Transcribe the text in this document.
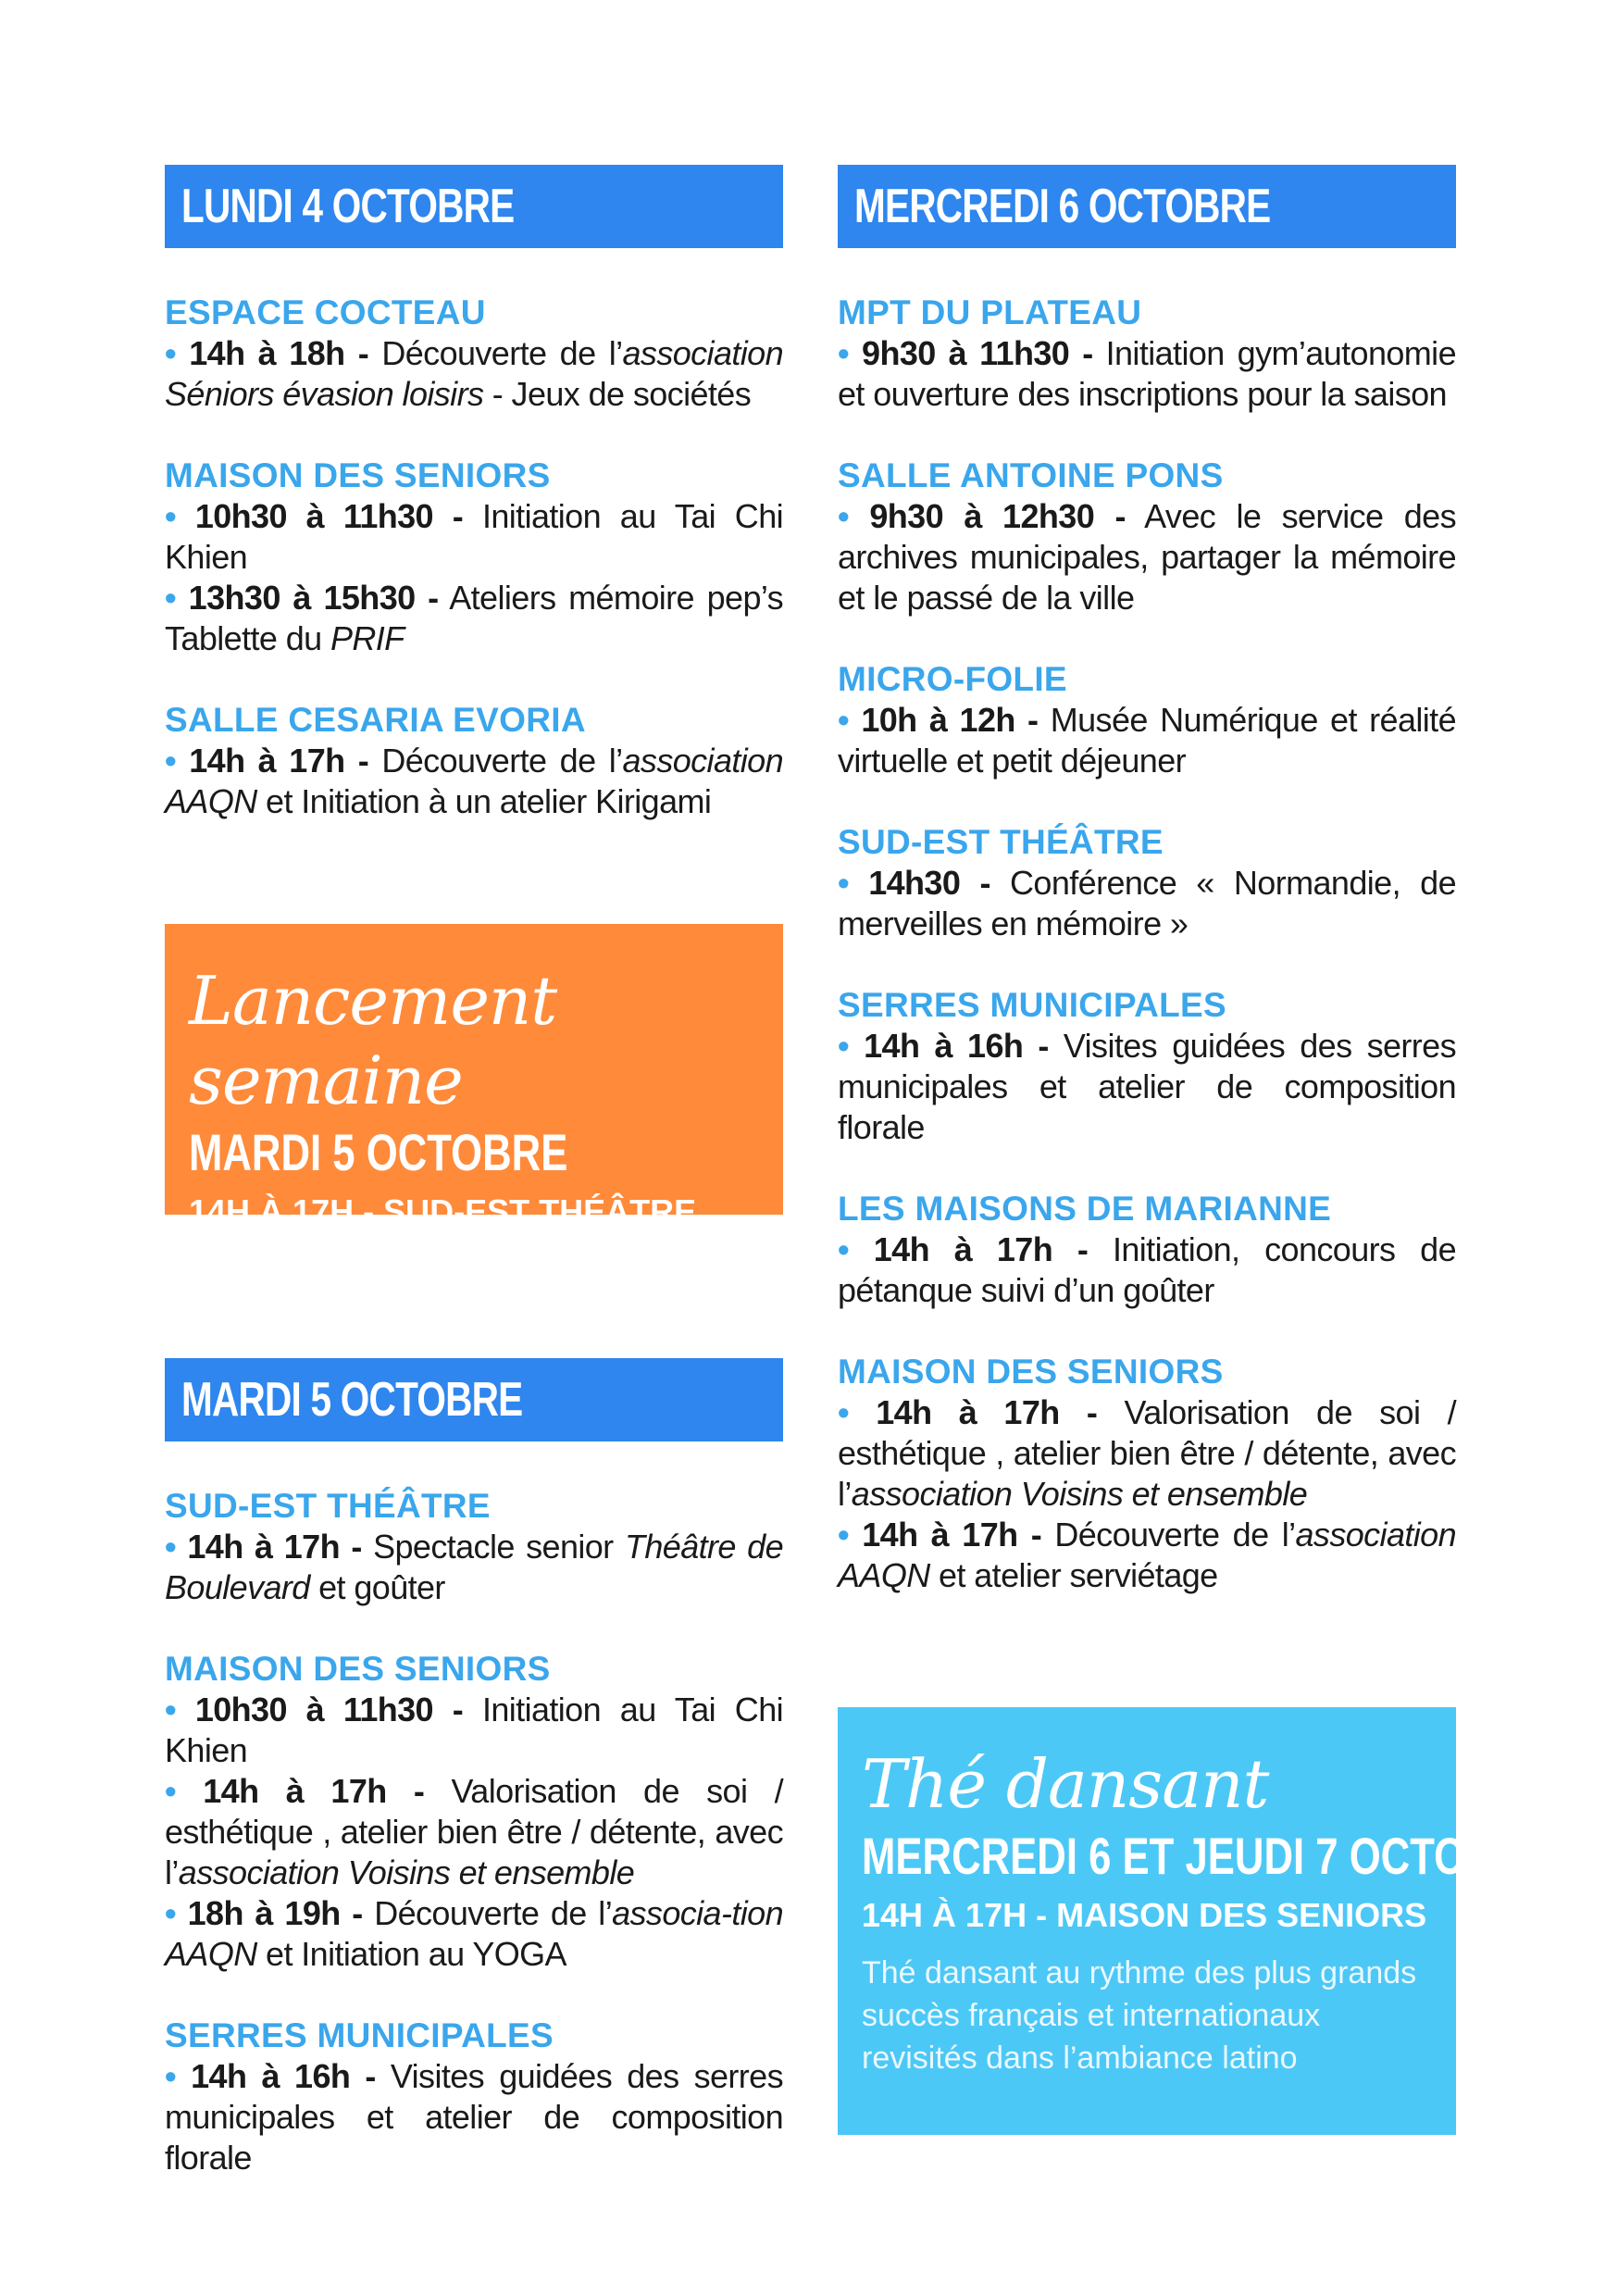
LUNDI 4 OCTOBRE
ESPACE COCTEAU
• 14h à 18h - Découverte de l’association Séniors évasion loisirs - Jeux de sociétés
MAISON DES SENIORS
• 10h30 à 11h30 - Initiation au Tai Chi Khien
• 13h30 à 15h30 - Ateliers mémoire pep’s Tablette du PRIF
SALLE CESARIA EVORIA
• 14h à 17h - Découverte de l’association AAQN et Initiation à un atelier Kirigami
Lancement semaine
MARDI 5 OCTOBRE
14H À 17H - SUD-EST THÉÂTRE
MARDI 5 OCTOBRE
SUD-EST THÉÂTRE
• 14h à 17h - Spectacle senior Théâtre de Boulevard et goûter
MAISON DES SENIORS
• 10h30 à 11h30 - Initiation au Tai Chi Khien
• 14h à 17h - Valorisation de soi / esthétique , atelier bien être / détente, avec l’association Voisins et ensemble
• 18h à 19h - Découverte de l’associa-tion AAQN et Initiation au YOGA
SERRES MUNICIPALES
• 14h à 16h - Visites guidées des serres municipales et atelier de composition florale
MERCREDI 6 OCTOBRE
MPT DU PLATEAU
• 9h30 à 11h30 - Initiation gym’autonomie et ouverture des inscriptions pour la saison
SALLE ANTOINE PONS
• 9h30 à 12h30 - Avec le service des archives municipales, partager la mémoire et le passé de la ville
MICRO-FOLIE
• 10h à 12h - Musée Numérique et réalité virtuelle et petit déjeuner
SUD-EST THÉÂTRE
• 14h30 - Conférence « Normandie, de merveilles en mémoire »
SERRES MUNICIPALES
• 14h à 16h - Visites guidées des serres municipales et atelier de composition florale
LES MAISONS DE MARIANNE
• 14h à 17h - Initiation, concours de pétanque suivi d’un goûter
MAISON DES SENIORS
• 14h à 17h - Valorisation de soi / esthétique , atelier bien être / détente, avec l’association Voisins et ensemble
• 14h à 17h - Découverte de l’association AAQN et atelier serviétage
Thé dansant
MERCREDI 6 ET JEUDI 7 OCTOBRE
14H À 17H - MAISON DES SENIORS
Thé dansant au rythme des plus grands succès français et internationaux revisités dans l’ambiance latino
